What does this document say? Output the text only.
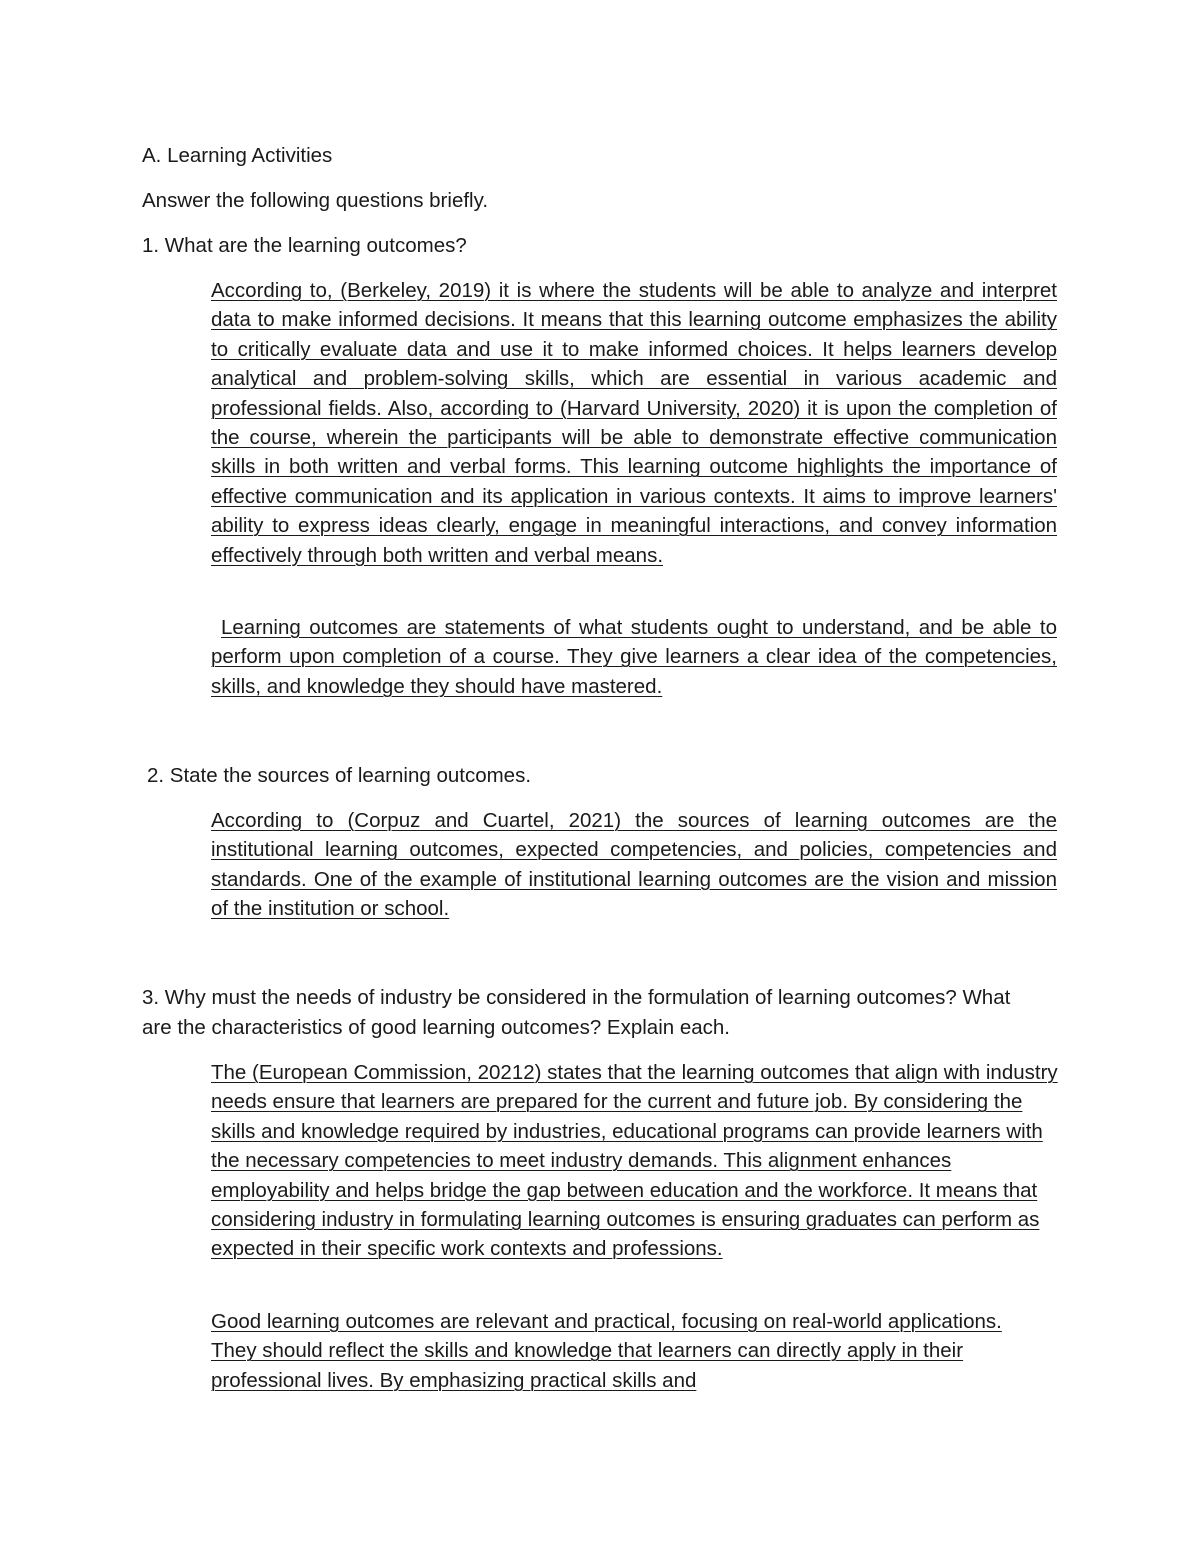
A. Learning Activities

Answer the following questions briefly.

1. What are the learning outcomes?

According to, (Berkeley, 2019) it is where the students will be able to analyze and interpret data to make informed decisions. It means that this learning outcome emphasizes the ability to critically evaluate data and use it to make informed choices. It helps learners develop analytical and problem-solving skills, which are essential in various academic and professional fields. Also, according to (Harvard University, 2020) it is upon the completion of the course, wherein the participants will be able to demonstrate effective communication skills in both written and verbal forms. This learning outcome highlights the importance of effective communication and its application in various contexts. It aims to improve learners' ability to express ideas clearly, engage in meaningful interactions, and convey information effectively through both written and verbal means.

Learning outcomes are statements of what students ought to understand, and be able to perform upon completion of a course. They give learners a clear idea of the competencies, skills, and knowledge they should have mastered.

2. State the sources of learning outcomes.

According to (Corpuz and Cuartel, 2021) the sources of learning outcomes are the institutional learning outcomes, expected competencies, and policies, competencies and standards. One of the example of institutional learning outcomes are the vision and mission of the institution or school.

3. Why must the needs of industry be considered in the formulation of learning outcomes? What are the characteristics of good learning outcomes? Explain each.

The (European Commission, 20212) states that the learning outcomes that align with industry needs ensure that learners are prepared for the current and future job. By considering the skills and knowledge required by industries, educational programs can provide learners with the necessary competencies to meet industry demands. This alignment enhances employability and helps bridge the gap between education and the workforce. It means that considering industry in formulating learning outcomes is ensuring graduates can perform as expected in their specific work contexts and professions.

Good learning outcomes are relevant and practical, focusing on real-world applications. They should reflect the skills and knowledge that learners can directly apply in their professional lives. By emphasizing practical skills and
